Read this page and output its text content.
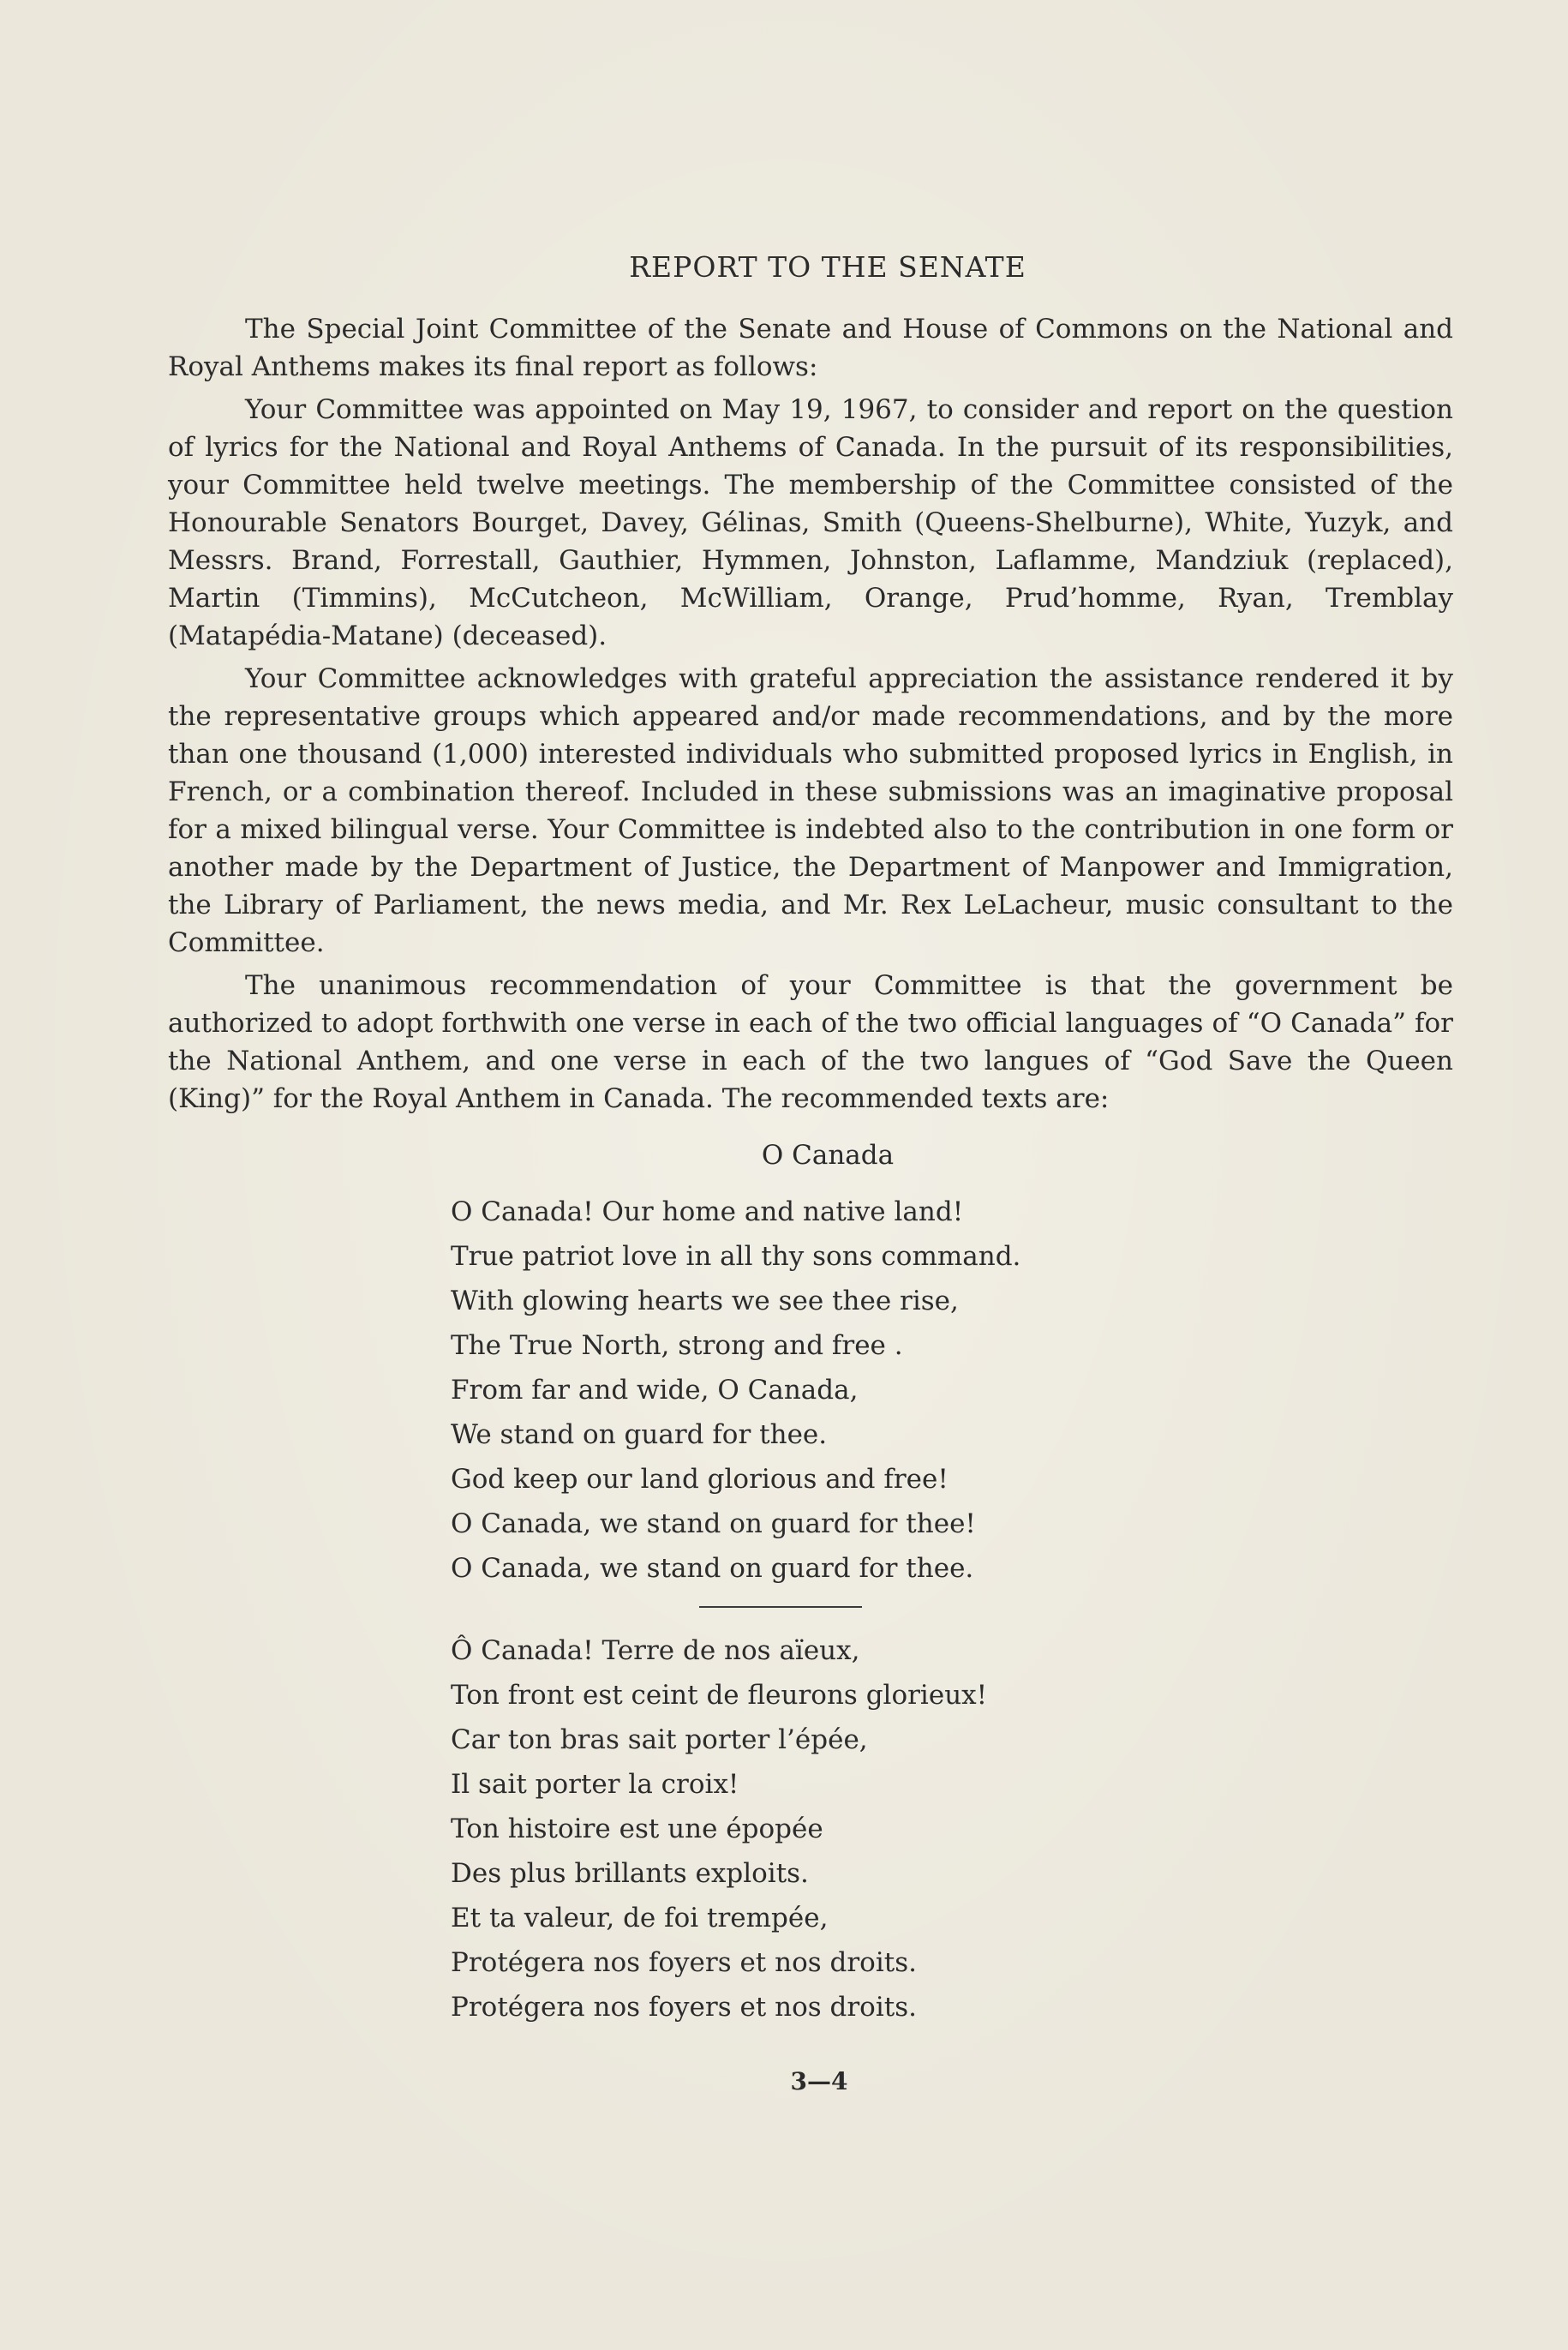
REPORT TO THE SENATE

The Special Joint Committee of the Senate and House of Commons on the National and Royal Anthems makes its final report as follows:

Your Committee was appointed on May 19, 1967, to consider and report on the question of lyrics for the National and Royal Anthems of Canada. In the pursuit of its responsibilities, your Committee held twelve meetings. The membership of the Committee consisted of the Honourable Senators Bourget, Davey, Gélinas, Smith (Queens-Shelburne), White, Yuzyk, and Messrs. Brand, Forrestall, Gauthier, Hymmen, Johnston, Laflamme, Mandziuk (replaced), Martin (Timmins), McCutcheon, McWilliam, Orange, Prud’homme, Ryan, Tremblay (Matapédia-Matane) (deceased).

Your Committee acknowledges with grateful appreciation the assistance rendered it by the representative groups which appeared and/or made recommendations, and by the more than one thousand (1,000) interested individuals who submitted proposed lyrics in English, in French, or a combination thereof. Included in these submissions was an imaginative proposal for a mixed bilingual verse. Your Committee is indebted also to the contribution in one form or another made by the Department of Justice, the Department of Manpower and Immigration, the Library of Parliament, the news media, and Mr. Rex LeLacheur, music consultant to the Committee.

The unanimous recommendation of your Committee is that the government be authorized to adopt forthwith one verse in each of the two official languages of “O Canada” for the National Anthem, and one verse in each of the two langues of “God Save the Queen (King)” for the Royal Anthem in Canada. The recommended texts are:

O Canada
O Canada! Our home and native land!
True patriot love in all thy sons command.
With glowing hearts we see thee rise,
The True North, strong and free .
From far and wide, O Canada,
We stand on guard for thee.
God keep our land glorious and free!
O Canada, we stand on guard for thee!
O Canada, we stand on guard for thee.
Ô Canada! Terre de nos aïeux,
Ton front est ceint de fleurons glorieux!
Car ton bras sait porter l’épée,
Il sait porter la croix!
Ton histoire est une épopée
Des plus brillants exploits.
Et ta valeur, de foi trempée,
Protégera nos foyers et nos droits.
Protégera nos foyers et nos droits.
3—4
